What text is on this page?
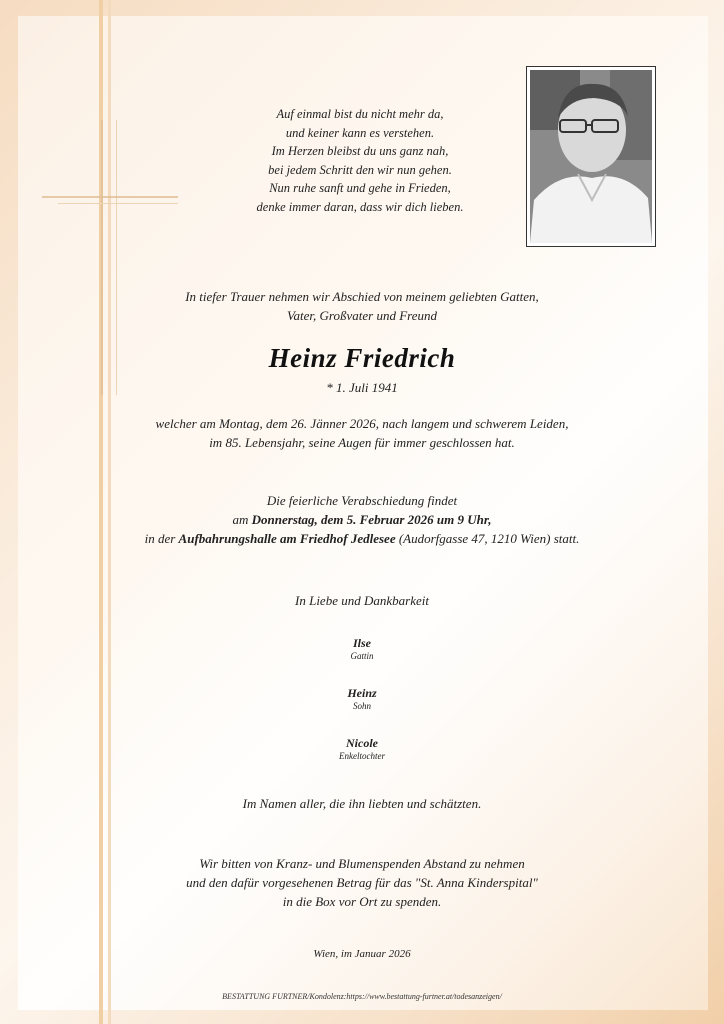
Auf einmal bist du nicht mehr da,
und keiner kann es verstehen.
Im Herzen bleibst du uns ganz nah,
bei jedem Schritt den wir nun gehen.
Nun ruhe sanft und gehe in Frieden,
denke immer daran, dass wir dich lieben.
In tiefer Trauer nehmen wir Abschied von meinem geliebten Gatten,
Vater, Großvater und Freund
Heinz Friedrich
* 1. Juli 1941
welcher am Montag, dem 26. Jänner 2026, nach langem und schwerem Leiden,
im 85. Lebensjahr, seine Augen für immer geschlossen hat.
Die feierliche Verabschiedung findet
am Donnerstag, dem 5. Februar 2026 um 9 Uhr,
in der Aufbahrungshalle am Friedhof Jedlesee (Audorfgasse 47, 1210 Wien) statt.
In Liebe und Dankbarkeit
Ilse
Gattin
Heinz
Sohn
Nicole
Enkeltochter
Im Namen aller, die ihn liebten und schätzten.
Wir bitten von Kranz- und Blumenspenden Abstand zu nehmen
und den dafür vorgesehenen Betrag für das "St. Anna Kinderspital"
in die Box vor Ort zu spenden.
Wien, im Januar 2026
BESTATTUNG FURTNER/Kondolenz:https://www.bestattung-furtner.at/todesanzeigen/
